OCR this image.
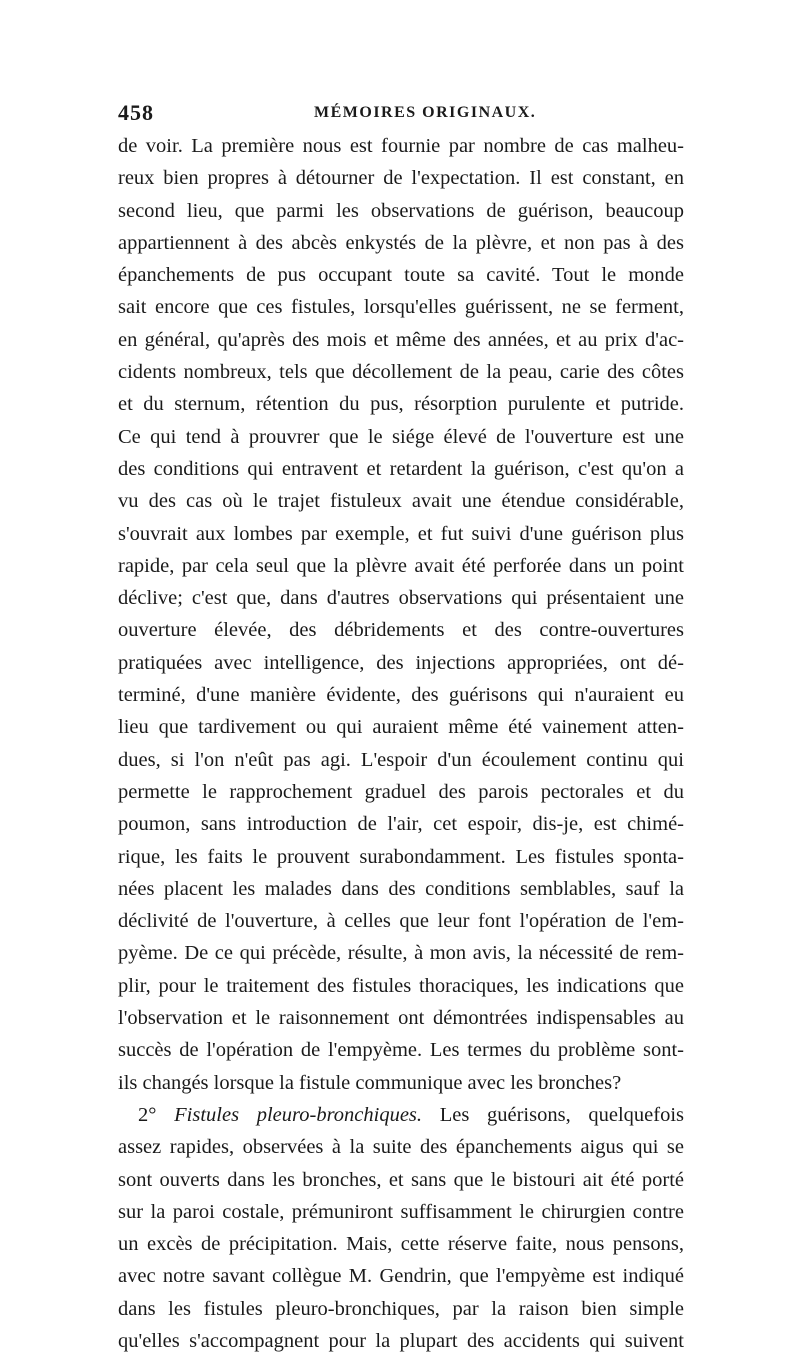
458	MÉMOIRES ORIGINAUX.
de voir. La première nous est fournie par nombre de cas malheu-
reux bien propres à détourner de l'expectation. Il est constant, en
second lieu, que parmi les observations de guérison, beaucoup
appartiennent à des abcès enkystés de la plèvre, et non pas à des
épanchements de pus occupant toute sa cavité. Tout le monde
sait encore que ces fistules, lorsqu'elles guérissent, ne se ferment,
en général, qu'après des mois et même des années, et au prix d'ac-
cidents nombreux, tels que décollement de la peau, carie des côtes
et du sternum, rétention du pus, résorption purulente et putride.
Ce qui tend à prouvrer que le siége élevé de l'ouverture est une
des conditions qui entravent et retardent la guérison, c'est qu'on a
vu des cas où le trajet fistuleux avait une étendue considérable,
s'ouvrait aux lombes par exemple, et fut suivi d'une guérison plus
rapide, par cela seul que la plèvre avait été perforée dans un point
déclive; c'est que, dans d'autres observations qui présentaient une
ouverture élevée, des débridements et des contre-ouvertures
pratiquées avec intelligence, des injections appropriées, ont dé-
terminé, d'une manière évidente, des guérisons qui n'auraient eu
lieu que tardivement ou qui auraient même été vainement atten-
dues, si l'on n'eût pas agi. L'espoir d'un écoulement continu qui
permette le rapprochement graduel des parois pectorales et du
poumon, sans introduction de l'air, cet espoir, dis-je, est chimé-
rique, les faits le prouvent surabondamment. Les fistules sponta-
nées placent les malades dans des conditions semblables, sauf la
déclivité de l'ouverture, à celles que leur font l'opération de l'em-
pyème. De ce qui précède, résulte, à mon avis, la nécessité de rem-
plir, pour le traitement des fistules thoraciques, les indications que
l'observation et le raisonnement ont démontrées indispensables au
succès de l'opération de l'empyème. Les termes du problème sont-
ils changés lorsque la fistule communique avec les bronches?
2° Fistules pleuro-bronchiques. Les guérisons, quelquefois
assez rapides, observées à la suite des épanchements aigus qui se
sont ouverts dans les bronches, et sans que le bistouri ait été porté
sur la paroi costale, prémuniront suffisamment le chirurgien contre
un excès de précipitation. Mais, cette réserve faite, nous pensons,
avec notre savant collègue M. Gendrin, que l'empyème est indiqué
dans les fistules pleuro-bronchiques, par la raison bien simple
qu'elles s'accompagnent pour la plupart des accidents qui suivent
